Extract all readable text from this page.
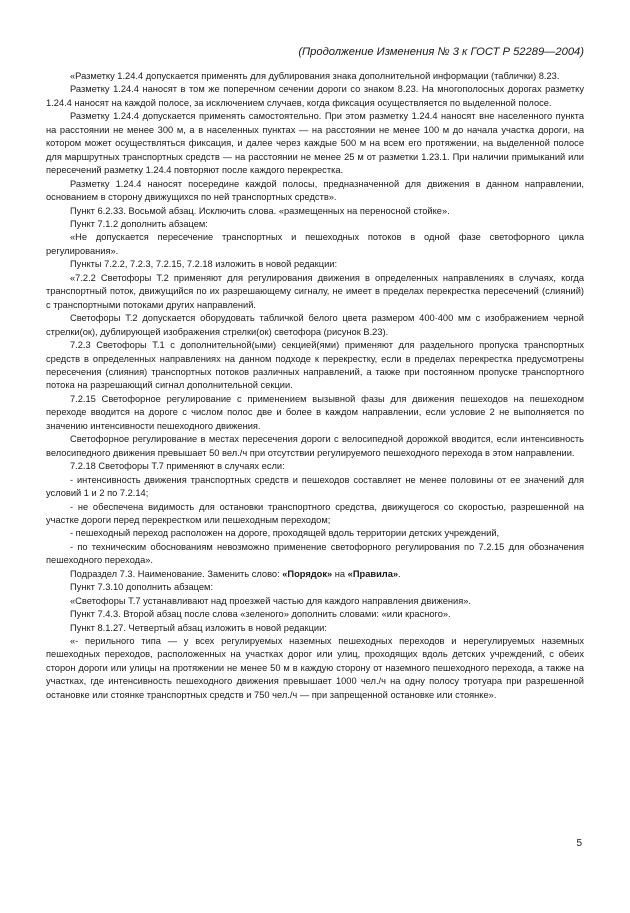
(Продолжение Изменения № 3 к ГОСТ Р 52289—2004)

«Разметку 1.24.4 допускается применять для дублирования знака дополнительной информации (таблички) 8.23.

Разметку 1.24.4 наносят в том же поперечном сечении дороги со знаком 8.23. На многополосных дорогах разметку 1.24.4 наносят на каждой полосе, за исключением случаев, когда фиксация осуществляется по выделенной полосе.

Разметку 1.24.4 допускается применять самостоятельно. При этом разметку 1.24.4 наносят вне населенного пункта на расстоянии не менее 300 м, а в населенных пунктах — на расстоянии не менее 100 м до начала участка дороги, на котором может осуществляться фиксация, и далее через каждые 500 м на всем его протяжении, на выделенной полосе для маршрутных транспортных средств — на расстоянии не менее 25 м от разметки 1.23.1. При наличии примыканий или пересечений разметку 1.24.4 повторяют после каждого перекрестка.

Разметку 1.24.4 наносят посередине каждой полосы, предназначенной для движения в данном направлении, основанием в сторону движущихся по ней транспортных средств».

Пункт 6.2.33. Восьмой абзац. Исключить слова. «размещенных на переносной стойке».

Пункт 7.1.2 дополнить абзацем:

«Не допускается пересечение транспортных и пешеходных потоков в одной фазе светофорного цикла регулирования».

Пункты 7.2.2, 7.2.3, 7.2.15, 7.2.18 изложить в новой редакции:

«7.2.2 Светофоры Т.2 применяют для регулирования движения в определенных направлениях в случаях, когда транспортный поток, движущийся по их разрешающему сигналу, не имеет в пределах перекрестка пересечений (слияний) с транспортными потоками других направлений.

Светофоры Т.2 допускается оборудовать табличкой белого цвета размером 400·400 мм с изображением черной стрелки(ок), дублирующей изображения стрелки(ок) светофора (рисунок В.23).

7.2.3 Светофоры Т.1 с дополнительной(ыми) секцией(ями) применяют для раздельного пропуска транспортных средств в определенных направлениях на данном подходе к перекрестку, если в пределах перекрестка предусмотрены пересечения (слияния) транспортных потоков различных направлений, а также при постоянном пропуске транспортного потока на разрешающий сигнал дополнительной секции.

7.2.15 Светофорное регулирование с применением вызывной фазы для движения пешеходов на пешеходном переходе вводится на дороге с числом полос две и более в каждом направлении, если условие 2 не выполняется по значению интенсивности пешеходного движения.

Светофорное регулирование в местах пересечения дороги с велосипедной дорожкой вводится, если интенсивность велосипедного движения превышает 50 вел./ч при отсутствии регулируемого пешеходного перехода в этом направлении.

7.2.18 Светофоры Т.7 применяют в случаях если:

- интенсивность движения транспортных средств и пешеходов составляет не менее половины от ее значений для условий 1 и 2 по 7.2.14;

- не обеспечена видимость для остановки транспортного средства, движущегося со скоростью, разрешенной на участке дороги перед перекрестком или пешеходным переходом;

- пешеходный переход расположен на дороге, проходящей вдоль территории детских учреждений,

- по техническим обоснованиям невозможно применение светофорного регулирования по 7.2.15 для обозначения пешеходного перехода».

Подраздел 7.3. Наименование. Заменить слово: «Порядок» на «Правила».

Пункт 7.3.10 дополнить абзацем:

«Светофоры Т.7 устанавливают над проезжей частью для каждого направления движения».

Пункт 7.4.3. Второй абзац после слова «зеленого» дополнить словами: «или красного».

Пункт 8.1.27. Четвертый абзац изложить в новой редакции:

«- перильного типа — у всех регулируемых наземных пешеходных переходов и нерегулируемых наземных пешеходных переходов, расположенных на участках дорог или улиц, проходящих вдоль детских учреждений, с обеих сторон дороги или улицы на протяжении не менее 50 м в каждую сторону от наземного пешеходного перехода, а также на участках, где интенсивность пешеходного движения превышает 1000 чел./ч на одну полосу тротуара при разрешенной остановке или стоянке транспортных средств и 750 чел./ч — при запрещенной остановке или стоянке».

5
